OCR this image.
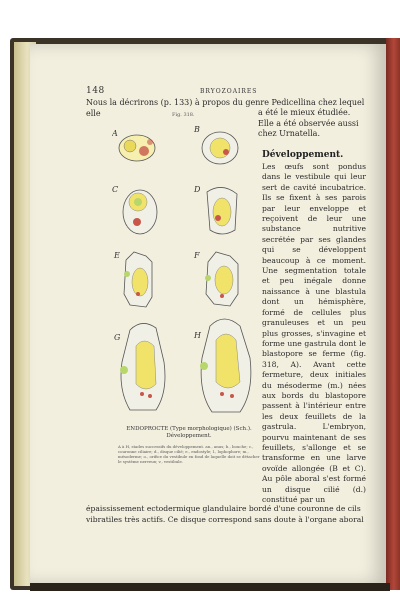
148	BRYOZOAIRES
Nous la décrirons (p. 133) à propos du genre Pedicellina chez lequel elle	a été le mieux étudiée. Elle a été observée aussi chez Urnatella.
Développement.
Les œufs sont pondus dans le vestibule qui leur sert de cavité incubatrice. Ils se fixent à ses parois par leur enveloppe et reçoivent de leur une substance nutritive secrétée par ses glandes qui se développent beaucoup à ce moment. Une segmentation totale et peu inégale donne naissance à une blastula dont un hémisphère, formé de cellules plus granuleuses et un peu plus grosses, s'invagine et forme une gastrula dont le blastopore se ferme (fig. 318, A). Avant cette fermeture, deux initiales du mésoderme (m.) nées aux bords du blastopore passent à l'intérieur entre les deux feuillets de la gastrula. L'embryon, pourvu maintenant de ses feuillets, s'allonge et se transforme en une larve ovoïde allongée (B et C). Au pôle aboral s'est formé un disque cilié (d.) constitué par un
Fig. 318.
A	B
C	D
E	F
G	H
ENDOPROCTE (Type morphologique) (Sch.).
Développement.
A à H, stades successifs du développement. an., anus; b., bouche; c., couronne ciliaire; d., disque cilié; e., endostyle; l., lophophore; m., mésoderme; o., orifice du vestibule en fond de laquelle doit se détacher le système nerveux; v., vestibule.
épaississement ectodermique glandulaire bordé d'une couronne de cils vibratiles très actifs. Ce disque correspond sans doute à l'organe aboral
